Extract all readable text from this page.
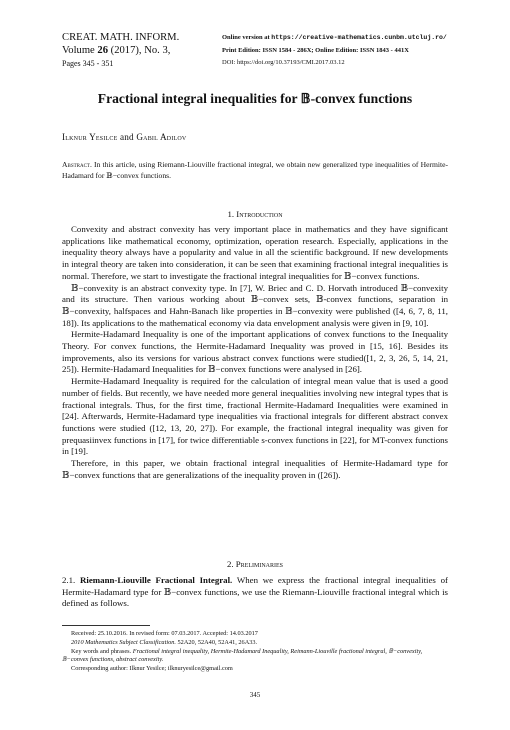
CREAT. MATH. INFORM.
Volume 26 (2017), No. 3,
Pages 345 - 351
Online version at https://creative-mathematics.cunbm.utcluj.ro/
Print Edition: ISSN 1584 - 286X; Online Edition: ISSN 1843 - 441X
DOI: https://doi.org/10.37193/CMI.2017.03.12
Fractional integral inequalities for 𝔹-convex functions
Ilknur Yesilce and Gabil Adilov
Abstract. In this article, using Riemann-Liouville fractional integral, we obtain new generalized type inequalities of Hermite-Hadamard for 𝔹−convex functions.
1. Introduction

Convexity and abstract convexity has very important place in mathematics and they have significant applications like mathematical economy, optimization, operation research. Especially, applications in the inequality theory always have a popularity and value in all the scientific background. If new developments in integral theory are taken into consideration, it can be seen that examining fractional integral inequalities is normal. Therefore, we start to investigate the fractional integral inequalities for 𝔹−convex functions.

𝔹−convexity is an abstract convexity type. In [7], W. Briec and C. D. Horvath introduced 𝔹−convexity and its structure. Then various working about 𝔹−convex sets, 𝔹-convex functions, separation in 𝔹−convexity, halfspaces and Hahn-Banach like properties in 𝔹−convexity were published ([4, 6, 7, 8, 11, 18]). Its applications to the mathematical economy via data envelopment analysis were given in [9, 10].

Hermite-Hadamard Inequality is one of the important applications of convex functions to the Inequality Theory. For convex functions, the Hermite-Hadamard Inequality was proved in [15, 16]. Besides its improvements, also its versions for various abstract convex functions were studied([1, 2, 3, 26, 5, 14, 21, 25]). Hermite-Hadamard Inequalities for 𝔹−convex functions were analysed in [26].

Hermite-Hadamard Inequality is required for the calculation of integral mean value that is used a good number of fields. But recently, we have needed more general inequalities involving new integral types that is fractional integrals. Thus, for the first time, fractional Hermite-Hadamard Inequalities were examined in [24]. Afterwards, Hermite-Hadamard type inequalities via fractional integrals for different abstract convex functions were studied ([12, 13, 20, 27]). For example, the fractional integral inequality was given for prequasiinvex functions in [17], for twice differentiable s-convex functions in [22], for MT-convex functions in [19].

Therefore, in this paper, we obtain fractional integral inequalities of Hermite-Hadamard type for 𝔹−convex functions that are generalizations of the inequality proven in ([26]).

2. Preliminaries

2.1. Riemann-Liouville Fractional Integral. When we express the fractional integral inequalities of Hermite-Hadamard type for 𝔹−convex functions, we use the Riemann-Liouville fractional integral which is defined as follows.

Received: 25.10.2016. In revised form: 07.03.2017. Accepted: 14.03.2017
2010 Mathematics Subject Classification. 52A20, 52A40, 52A41, 26A33.
Key words and phrases. Fractional integral inequality, Hermite-Hadamard Inequality, Reimann-Liouville fractional integral, 𝔹−convexity, 𝔹−convex functions, abstract convexity.
Corresponding author: Ilknur Yesilce; ilknuryesilce@gmail.com
345
